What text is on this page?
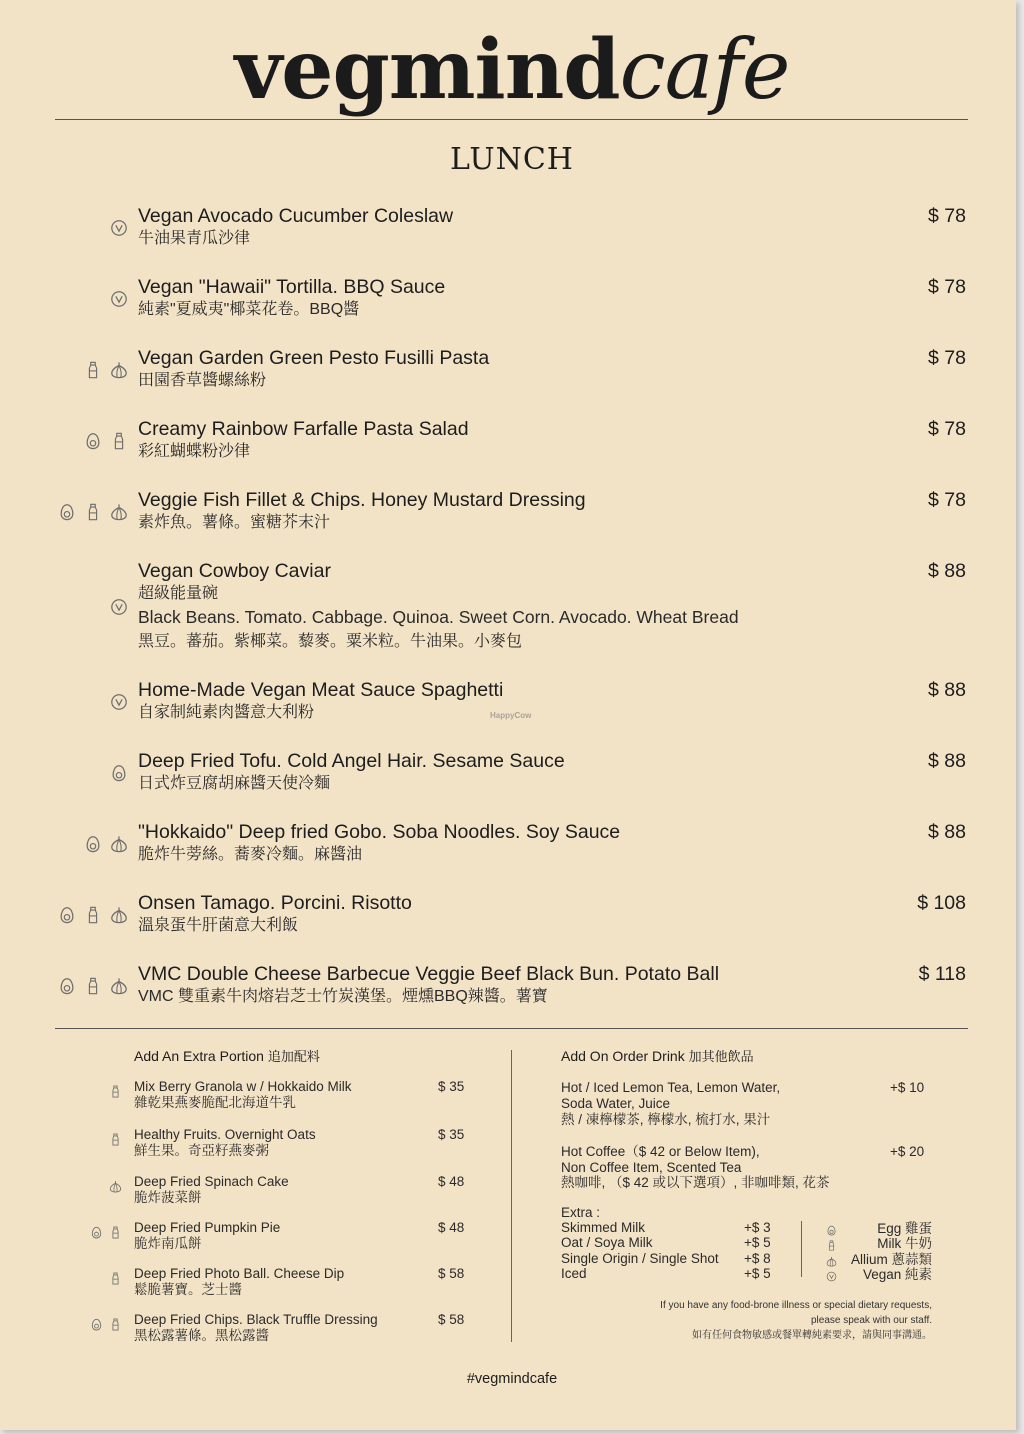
vegmindcafe
LUNCH
Vegan Avocado Cucumber Coleslaw
牛油果青瓜沙律
$ 78
Vegan "Hawaii" Tortilla. BBQ Sauce
純素"夏威夷"椰菜花卷。BBQ醬
$ 78
Vegan Garden Green Pesto Fusilli Pasta
田園香草醬螺絲粉
$ 78
Creamy Rainbow Farfalle Pasta Salad
彩紅蝴蝶粉沙律
$ 78
Veggie Fish Fillet & Chips. Honey Mustard Dressing
素炸魚。薯條。蜜糖芥末汁
$ 78
Vegan Cowboy Caviar
超級能量碗
$ 88
Black Beans. Tomato. Cabbage. Quinoa. Sweet Corn. Avocado. Wheat Bread
黑豆。蕃茄。紫椰菜。藜麥。粟米粒。牛油果。小麥包
Home-Made Vegan Meat Sauce Spaghetti
自家制純素肉醬意大利粉
$ 88
Deep Fried Tofu. Cold Angel Hair. Sesame Sauce
日式炸豆腐胡麻醬天使冷麵
$ 88
"Hokkaido" Deep fried Gobo. Soba Noodles. Soy Sauce
脆炸牛蒡絲。蕎麥冷麵。麻醬油
$ 88
Onsen Tamago. Porcini. Risotto
溫泉蛋牛肝菌意大利飯
$ 108
VMC Double Cheese Barbecue Veggie Beef Black Bun. Potato Ball
VMC 雙重素牛肉熔岩芝士竹炭漢堡。煙燻BBQ辣醬。薯寶
$ 118
HappyCow
Add An Extra Portion 追加配料
Mix Berry Granola w / Hokkaido Milk
雜乾果燕麥脆配北海道牛乳
$ 35
Healthy Fruits. Overnight Oats
鮮生果。奇亞籽燕麥粥
$ 35
Deep Fried Spinach Cake
脆炸菠菜餅
$ 48
Deep Fried Pumpkin Pie
脆炸南瓜餅
$ 48
Deep Fried Photo Ball. Cheese Dip
鬆脆薯寶。芝士醬
$ 58
Deep Fried Chips. Black Truffle Dressing
黑松露薯條。黑松露醬
$ 58
Add On Order Drink 加其他飲品
Hot / Iced Lemon Tea, Lemon Water,
Soda Water, Juice
熱 / 凍檸檬茶, 檸檬水, 梳打水, 果汁
+$ 10
Hot Coffee（$ 42 or Below Item),
Non Coffee Item, Scented Tea
熱咖啡, （$ 42 或以下選項）, 非咖啡類, 花茶
+$ 20
Extra :
Skimmed Milk	+$ 3
Oat / Soya Milk	+$ 5
Single Origin / Single Shot +$ 8
Iced	+$ 5
Egg 雞蛋
Milk 牛奶
Allium 蔥蒜類
Vegan 純素
If you have any food-brone illness or special dietary requests,
please speak with our staff.
如有任何食物敏感或餐單轉純素要求，請與同事溝通。
#vegmindcafe
